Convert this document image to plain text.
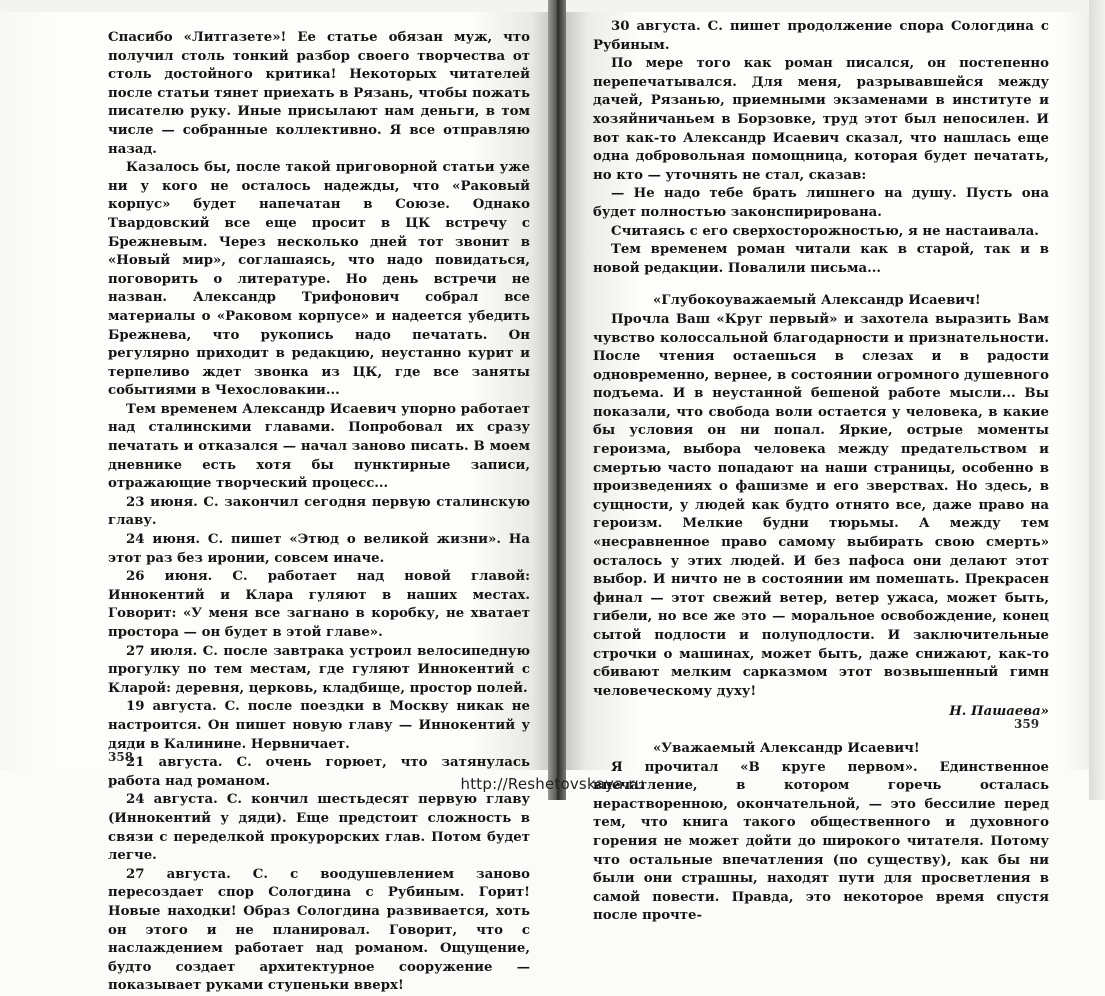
Спасибо «Литгазете»! Ее статье обязан муж, что получил столь тонкий разбор своего творчества от столь достойного критика! Некоторых читателей после статьи тянет приехать в Рязань, чтобы пожать писателю руку. Иные присылают нам деньги, в том числе — собранные коллективно. Я все отправляю назад.

Казалось бы, после такой приговорной статьи уже ни у кого не осталось надежды, что «Раковый корпус» будет напечатан в Союзе. Однако Твардовский все еще просит в ЦК встречу с Брежневым. Через несколько дней тот звонит в «Новый мир», соглашаясь, что надо повидаться, поговорить о литературе. Но день встречи не назван. Александр Трифонович собрал все материалы о «Раковом корпусе» и надеется убедить Брежнева, что рукопись надо печатать. Он регулярно приходит в редакцию, неустанно курит и терпеливо ждет звонка из ЦК, где все заняты событиями в Чехословакии...

Тем временем Александр Исаевич упорно работает над сталинскими главами. Попробовал их сразу печатать и отказался — начал заново писать. В моем дневнике есть хотя бы пунктирные записи, отражающие творческий процесс...

23 июня. С. закончил сегодня первую сталинскую главу.

24 июня. С. пишет «Этюд о великой жизни». На этот раз без иронии, совсем иначе.

26 июня. С. работает над новой главой: Иннокентий и Клара гуляют в наших местах. Говорит: «У меня все загнано в коробку, не хватает простора — он будет в этой главе».

27 июля. С. после завтрака устроил велосипедную прогулку по тем местам, где гуляют Иннокентий с Кларой: деревня, церковь, кладбище, простор полей.

19 августа. С. после поездки в Москву никак не настроится. Он пишет новую главу — Иннокентий у дяди в Калинине. Нервничает.

21 августа. С. очень горюет, что затянулась работа над романом.

24 августа. С. кончил шестьдесят первую главу (Иннокентий у дяди). Еще предстоит сложность в связи с переделкой прокурорских глав. Потом будет легче.

27 августа. С. с воодушевлением заново пересоздает спор Сологдина с Рубиным. Горит! Новые находки! Образ Сологдина развивается, хоть он этого и не планировал. Говорит, что с наслаждением работает над романом. Ощущение, будто создает архитектурное сооружение — показывает руками ступеньки вверх!

358

30 августа. С. пишет продолжение спора Сологдина с Рубиным.

По мере того как роман писался, он постепенно перепечатывался. Для меня, разрывавшейся между дачей, Рязанью, приемными экзаменами в институте и хозяйничаньем в Борзовке, труд этот был непосилен. И вот как-то Александр Исаевич сказал, что нашлась еще одна добровольная помощница, которая будет печатать, но кто — уточнять не стал, сказав:

— Не надо тебе брать лишнего на душу. Пусть она будет полностью законспирирована.

Считаясь с его сверхосторожностью, я не настаивала.

Тем временем роман читали как в старой, так и в новой редакции. Повалили письма...

«Глубокоуважаемый Александр Исаевич!

Прочла Ваш «Круг первый» и захотела выразить Вам чувство колоссальной благодарности и признательности. После чтения остаешься в слезах и в радости одновременно, вернее, в состоянии огромного душевного подъема. И в неустанной бешеной работе мысли... Вы показали, что свобода воли остается у человека, в какие бы условия он ни попал. Яркие, острые моменты героизма, выбора человека между предательством и смертью часто попадают на наши страницы, особенно в произведениях о фашизме и его зверствах. Но здесь, в сущности, у людей как будто отнято все, даже право на героизм. Мелкие будни тюрьмы. А между тем «несравненное право самому выбирать свою смерть» осталось у этих людей. И без пафоса они делают этот выбор. И ничто не в состоянии им помешать. Прекрасен финал — этот свежий ветер, ветер ужаса, может быть, гибели, но все же это — моральное освобождение, конец сытой подлости и полуподлости. И заключительные строчки о машинах, может быть, даже снижают, как-то сбивают мелким сарказмом этот возвышенный гимн человеческому духу!

Н. Пашаева»

«Уважаемый Александр Исаевич!

Я прочитал «В круге первом». Единственное впечатление, в котором горечь осталась нерастворенною, окончательной, — это бессилие перед тем, что книга такого общественного и духовного горения не может дойти до широкого читателя. Потому что остальные впечатления (по существу), как бы ни были они страшны, находят пути для просветления в самой повести. Правда, это некоторое время спустя после прочте-

359
http://Reshetovskaya.ru
